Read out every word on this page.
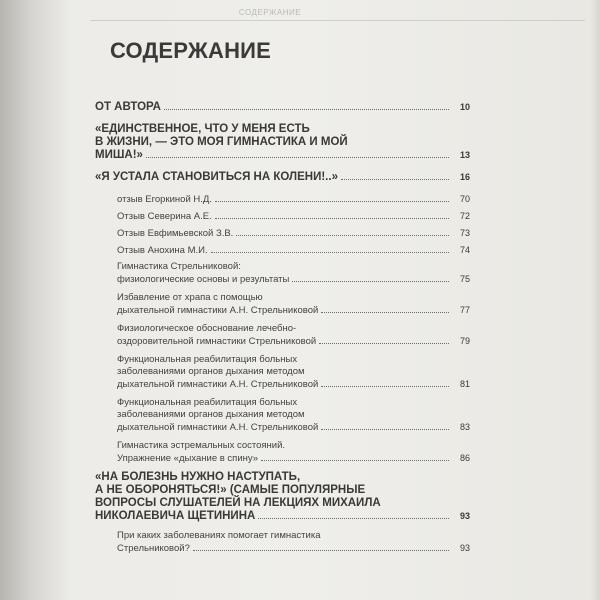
СОДЕРЖАНИЕ
СОДЕРЖАНИЕ
ОТ АВТОРА	10
«ЕДИНСТВЕННОЕ, ЧТО У МЕНЯ ЕСТЬ
В ЖИЗНИ, — ЭТО МОЯ ГИМНАСТИКА И МОЙ
МИША!»	13
«Я УСТАЛА СТАНОВИТЬСЯ НА КОЛЕНИ!..»	16
отзыв Егоркиной Н.Д.	70
Отзыв Северина А.Е.	72
Отзыв Евфимьевской З.В.	73
Отзыв Анохина М.И.	74
Гимнастика Стрельниковой:
физиологические основы и результаты	75
Избавление от храпа с помощью
дыхательной гимнастики А.Н. Стрельниковой	77
Физиологическое обоснование лечебно-
оздоровительной гимнастики Стрельниковой	79
Функциональная реабилитация больных
заболеваниями органов дыхания методом
дыхательной гимнастики А.Н. Стрельниковой	81
Функциональная реабилитация больных
заболеваниями органов дыхания методом
дыхательной гимнастики А.Н. Стрельниковой	83
Гимнастика эстремальных состояний.
Упражнение «дыхание в спину»	86
«НА БОЛЕЗНЬ НУЖНО НАСТУПАТЬ,
А НЕ ОБОРОНЯТЬСЯ!» (САМЫЕ ПОПУЛЯРНЫЕ
ВОПРОСЫ СЛУШАТЕЛЕЙ НА ЛЕКЦИЯХ МИХАИЛА
НИКОЛАЕВИЧА ЩЕТИНИНА	93
При каких заболеваниях помогает гимнастика
Стрельниковой?	93
